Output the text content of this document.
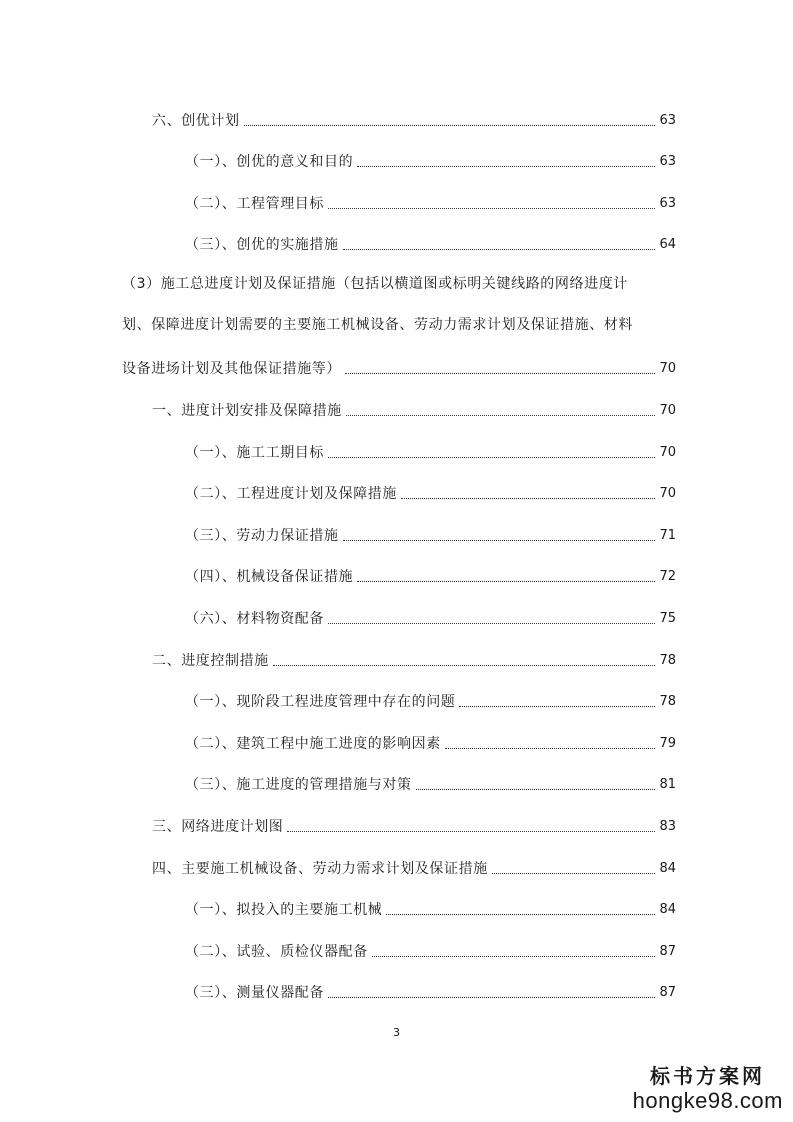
六、创优计划	63
（一）、创优的意义和目的	63
（二）、工程管理目标	63
（三）、创优的实施措施	64
（3）施工总进度计划及保证措施（包括以横道图或标明关键线路的网络进度计
划、保障进度计划需要的主要施工机械设备、劳动力需求计划及保证措施、材料
设备进场计划及其他保证措施等）	70
一、进度计划安排及保障措施	70
（一）、施工工期目标	70
（二）、工程进度计划及保障措施	70
（三）、劳动力保证措施	71
（四）、机械设备保证措施	72
（六）、材料物资配备	75
二、进度控制措施	78
（一）、现阶段工程进度管理中存在的问题	78
（二）、建筑工程中施工进度的影响因素	79
（三）、施工进度的管理措施与对策	81
三、网络进度计划图	83
四、主要施工机械设备、劳动力需求计划及保证措施	84
（一）、拟投入的主要施工机械	84
（二）、试验、质检仪器配备	87
（三）、测量仪器配备	87
3
标书方案网
hongke98.com
